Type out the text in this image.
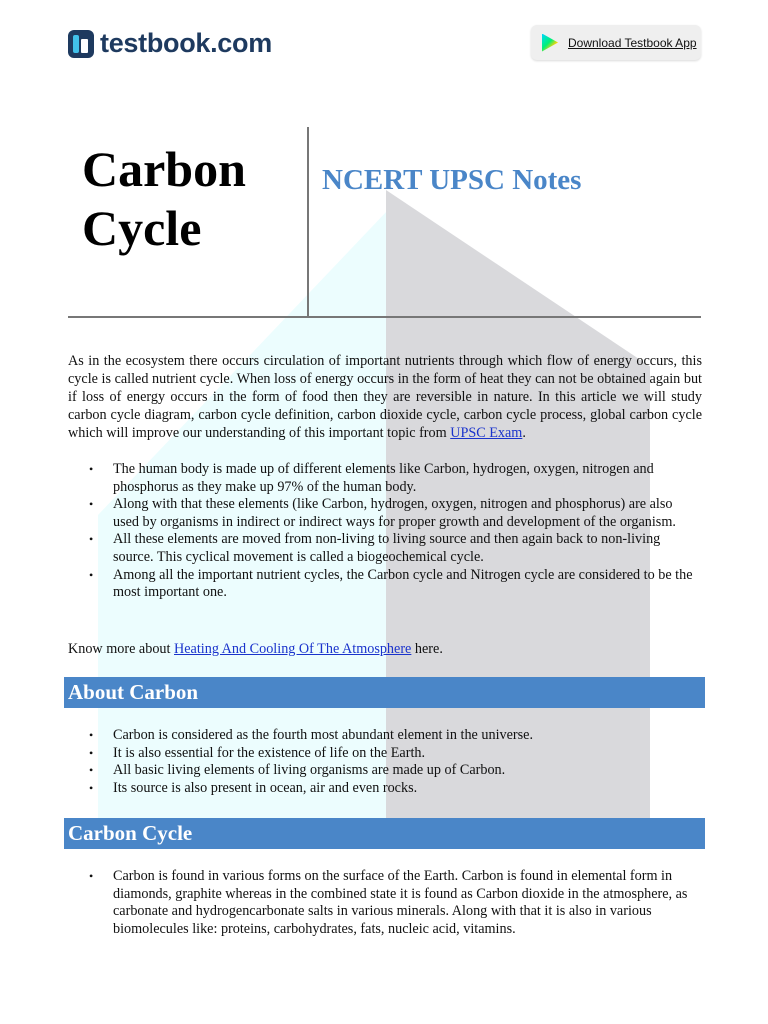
testbook.com	Download Testbook App
Carbon Cycle
NCERT UPSC Notes

As in the ecosystem there occurs circulation of important nutrients through which flow of energy occurs, this cycle is called nutrient cycle. When loss of energy occurs in the form of heat they can not be obtained again but if loss of energy occurs in the form of food then they are reversible in nature. In this article we will study carbon cycle diagram, carbon cycle definition, carbon dioxide cycle, carbon cycle process, global carbon cycle which will improve our understanding of this important topic from UPSC Exam.

• The human body is made up of different elements like Carbon, hydrogen, oxygen, nitrogen and phosphorus as they make up 97% of the human body.
• Along with that these elements (like Carbon, hydrogen, oxygen, nitrogen and phosphorus) are also used by organisms in indirect or indirect ways for proper growth and development of the organism.
• All these elements are moved from non-living to living source and then again back to non-living source. This cyclical movement is called a biogeochemical cycle.
• Among all the important nutrient cycles, the Carbon cycle and Nitrogen cycle are considered to be the most important one.

Know more about Heating And Cooling Of The Atmosphere here.

About Carbon
• Carbon is considered as the fourth most abundant element in the universe.
• It is also essential for the existence of life on the Earth.
• All basic living elements of living organisms are made up of Carbon.
• Its source is also present in ocean, air and even rocks.
Carbon Cycle
• Carbon is found in various forms on the surface of the Earth. Carbon is found in elemental form in diamonds, graphite whereas in the combined state it is found as Carbon dioxide in the atmosphere, as carbonate and hydrogencarbonate salts in various minerals. Along with that it is also in various biomolecules like: proteins, carbohydrates, fats, nucleic acid, vitamins.
